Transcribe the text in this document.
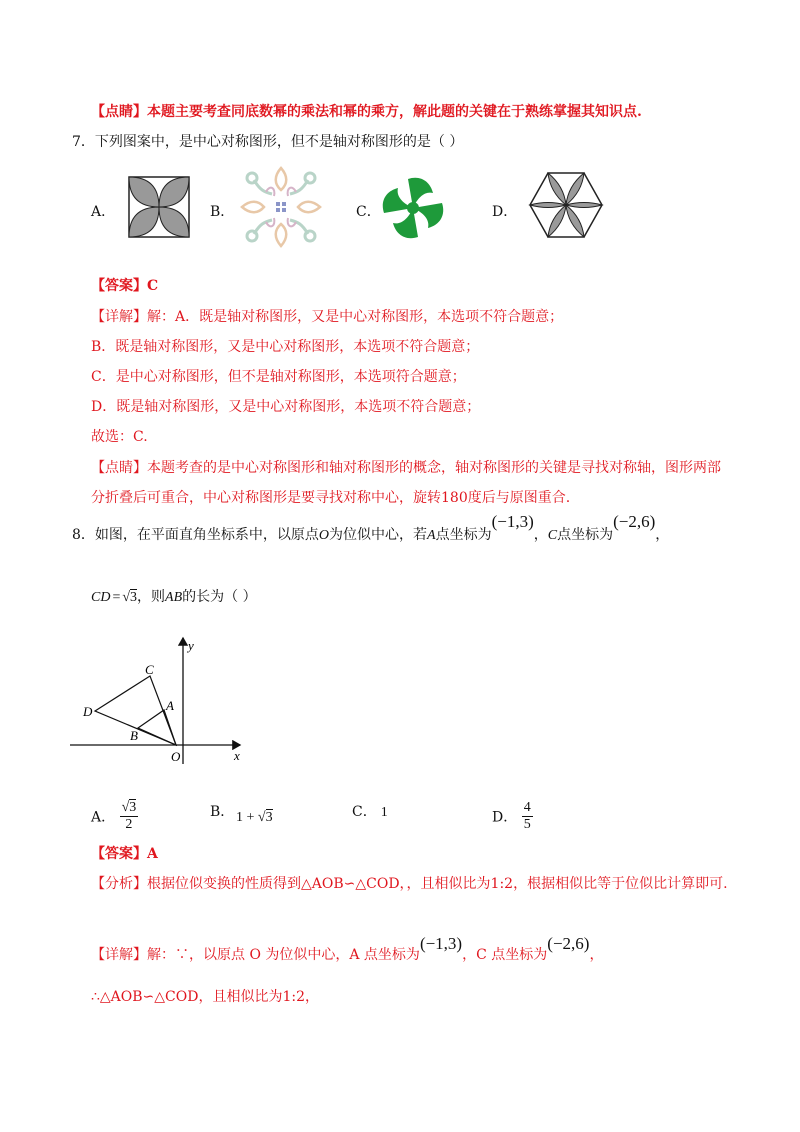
【点睛】本题主要考查同底数幂的乘法和幂的乘方，解此题的关键在于熟练掌握其知识点.
7．下列图案中，是中心对称图形，但不是轴对称图形的是（ ）
A．	B．	C．	D．
【答案】C
【详解】解：A．既是轴对称图形，又是中心对称图形，本选项不符合题意；
B．既是轴对称图形，又是中心对称图形，本选项不符合题意；
C．是中心对称图形，但不是轴对称图形，本选项符合题意；
D．既是轴对称图形，又是中心对称图形，本选项不符合题意；
故选：C.
【点睛】本题考查的是中心对称图形和轴对称图形的概念，轴对称图形的关键是寻找对称轴，图形两部
分折叠后可重合，中心对称图形是要寻找对称中心，旋转180度后与原图重合.
8．如图，在平面直角坐标系中，以原点O为位似中心，若A点坐标为(−1,3)，C点坐标为(−2,6)，
CD = √3，则AB的长为（ ）
y
x
C
A
D
B
O
A． $\frac{√3}{2}$	B． 1 + √3	C． 1	D． $\frac{4}{5}$
【答案】A
【分析】根据位似变换的性质得到△AOB∽△COD，，且相似比为1:2，根据相似比等于位似比计算即可.
【详解】解：∵，以原点 O 为位似中心，A 点坐标为(−1,3)，C 点坐标为(−2,6)，
∴△AOB∽△COD，且相似比为1:2，
